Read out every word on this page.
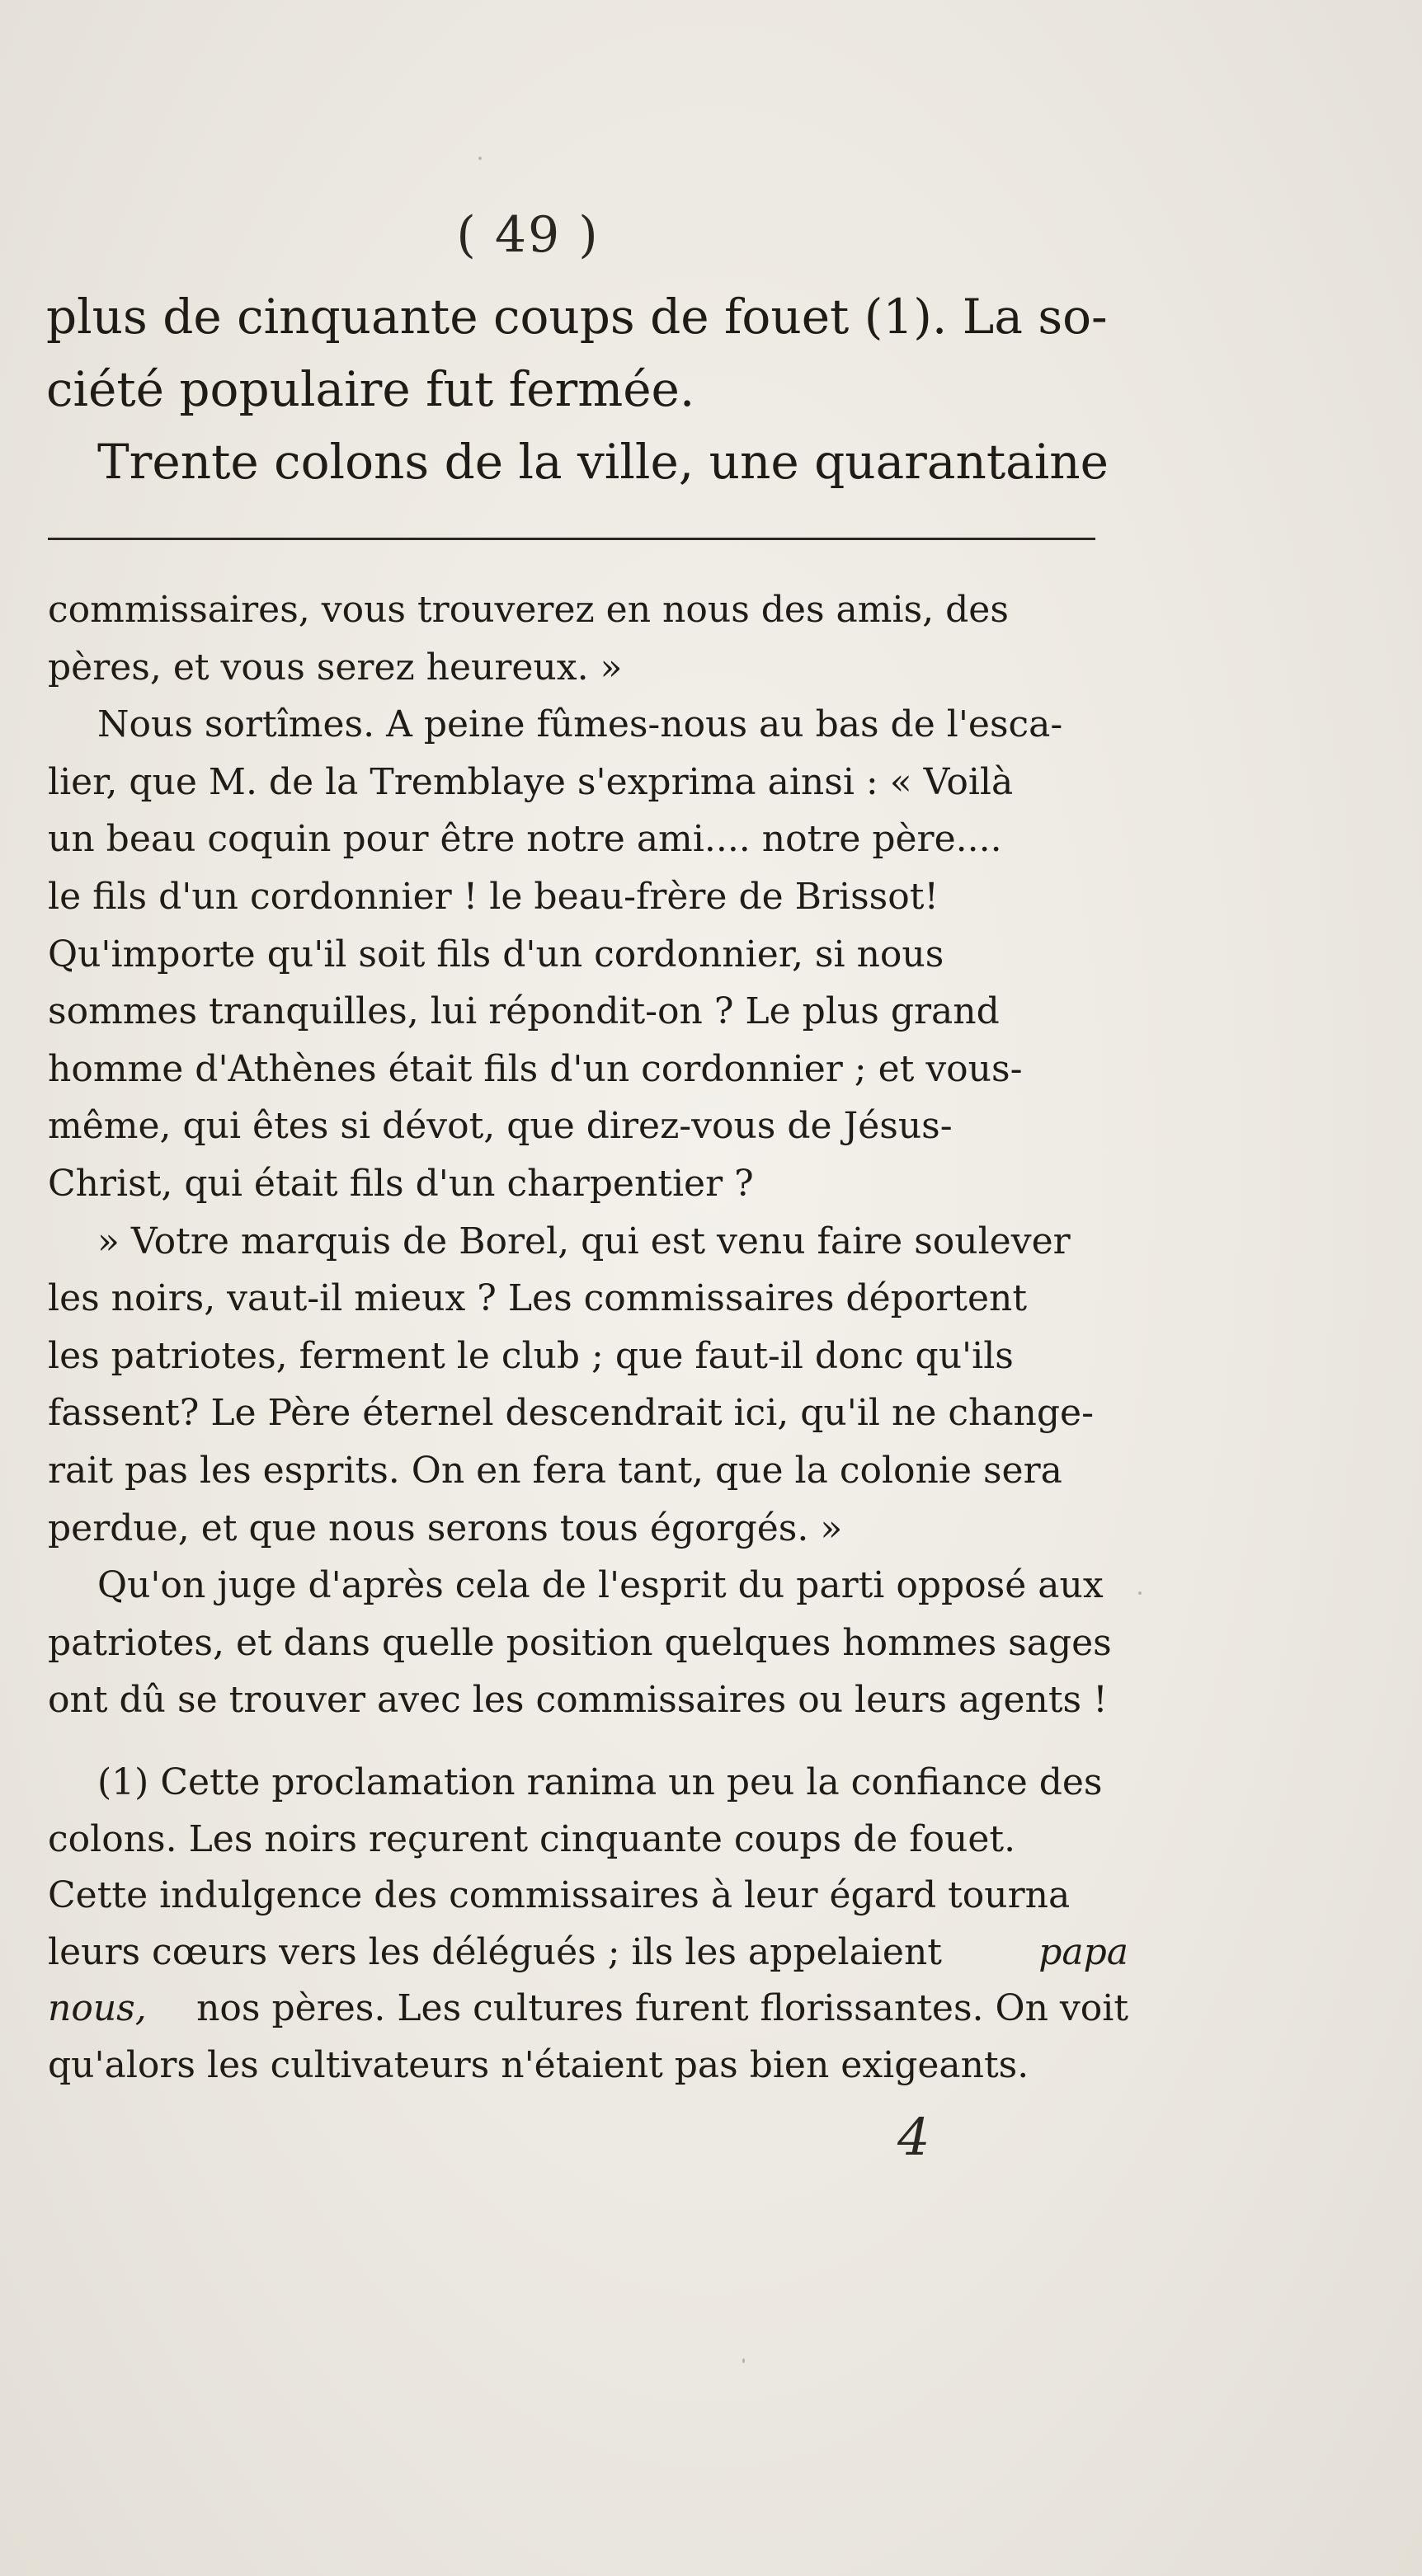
( 49 )
plus de cinquante coups de fouet (1). La so-
ciété populaire fut fermée.
Trente colons de la ville, une quarantaine
commissaires, vous trouverez en nous des amis, des
pères, et vous serez heureux. »
Nous sortîmes. A peine fûmes-nous au bas de l'esca-
lier, que M. de la Tremblaye s'exprima ainsi : « Voilà
un beau coquin pour être notre ami.... notre père....
le fils d'un cordonnier ! le beau-frère de Brissot!
Qu'importe qu'il soit fils d'un cordonnier, si nous
sommes tranquilles, lui répondit-on ? Le plus grand
homme d'Athènes était fils d'un cordonnier ; et vous-
même, qui êtes si dévot, que direz-vous de Jésus-
Christ, qui était fils d'un charpentier ?
» Votre marquis de Borel, qui est venu faire soulever
les noirs, vaut-il mieux ? Les commissaires déportent
les patriotes, ferment le club ; que faut-il donc qu'ils
fassent? Le Père éternel descendrait ici, qu'il ne change-
rait pas les esprits. On en fera tant, que la colonie sera
perdue, et que nous serons tous égorgés. »
Qu'on juge d'après cela de l'esprit du parti opposé aux
patriotes, et dans quelle position quelques hommes sages
ont dû se trouver avec les commissaires ou leurs agents !
(1) Cette proclamation ranima un peu la confiance des
colons. Les noirs reçurent cinquante coups de fouet.
Cette indulgence des commissaires à leur égard tourna
leurs cœurs vers les délégués ; ils les appelaient	papa
nous, nos pères. Les cultures furent florissantes. On voit
qu'alors les cultivateurs n'étaient pas bien exigeants.
4
